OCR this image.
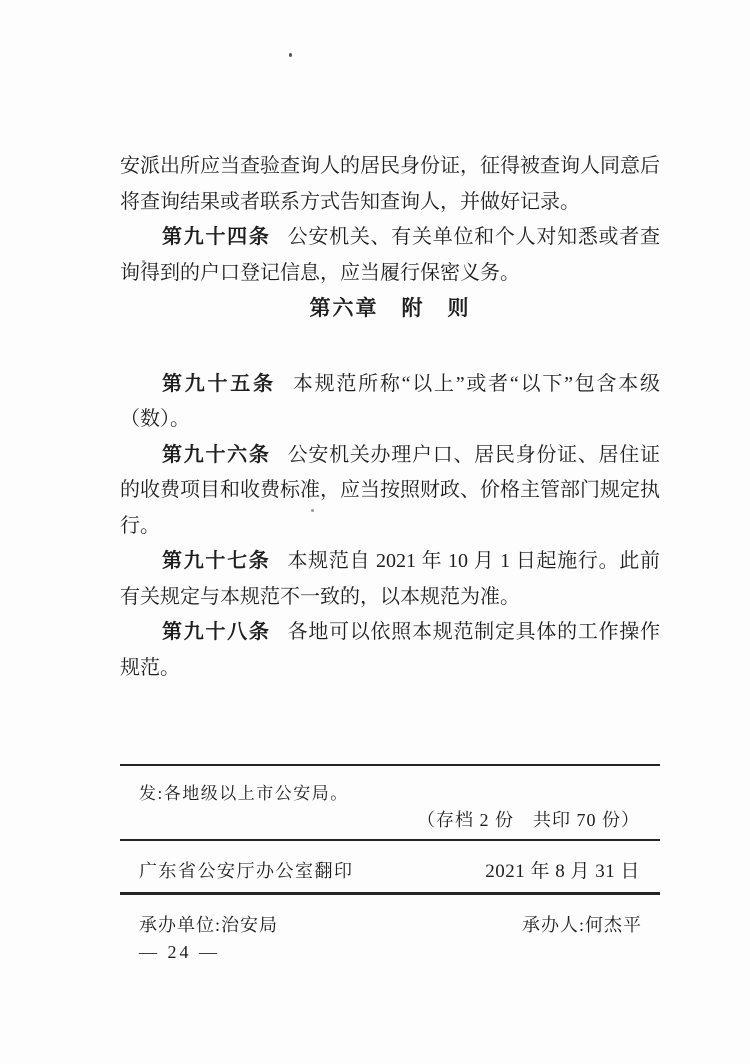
安派出所应当查验查询人的居民身份证，征得被查询人同意后将查询结果或者联系方式告知查询人，并做好记录。

第九十四条 公安机关、有关单位和个人对知悉或者查询得到的户口登记信息，应当履行保密义务。

第六章　附　则

第九十五条 本规范所称“以上”或者“以下”包含本级（数）。

第九十六条 公安机关办理户口、居民身份证、居住证的收费项目和收费标准，应当按照财政、价格主管部门规定执行。

第九十七条 本规范自 2021 年 10 月 1 日起施行。此前有关规定与本规范不一致的，以本规范为准。

第九十八条 各地可以依照本规范制定具体的工作操作规范。

发:各地级以上市公安局。
（存档 2 份　共印 70 份）
广东省公安厅办公室翻印	2021 年 8 月 31 日
承办单位:治安局	承办人:何杰平
— 24 —
